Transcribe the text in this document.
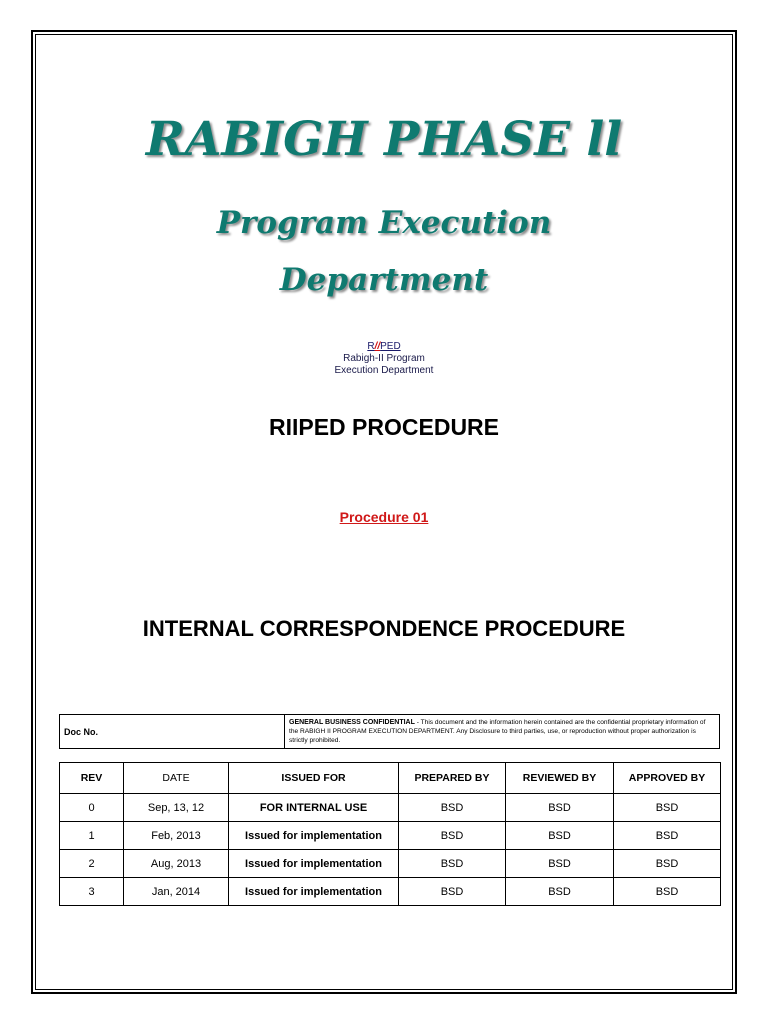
RABIGH PHASE ll
Program Execution
Department
R//PED
Rabigh-II Program
Execution Department
RIIPED PROCEDURE
Procedure 01
INTERNAL CORRESPONDENCE PROCEDURE
Doc No.	GENERAL BUSINESS CONFIDENTIAL - This document and the information herein contained are the confidential proprietary information of the RABIGH II PROGRAM EXECUTION DEPARTMENT. Any Disclosure to third parties, use, or reproduction without proper authorization is strictly prohibited.
REV	DATE	ISSUED FOR	PREPARED BY	REVIEWED BY	APPROVED BY
0	Sep, 13, 12	FOR INTERNAL USE	BSD	BSD	BSD
1	Feb, 2013	Issued for implementation	BSD	BSD	BSD
2	Aug, 2013	Issued for implementation	BSD	BSD	BSD
3	Jan, 2014	Issued for implementation	BSD	BSD	BSD
